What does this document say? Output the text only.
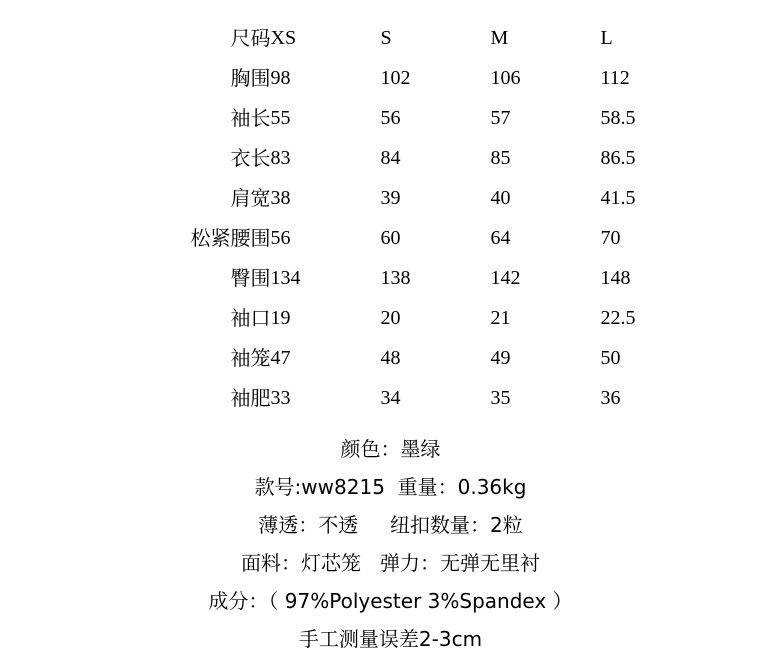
尺码	XS	S	M	L
胸围	98	102	106	112
袖长	55	56	57	58.5
衣长	83	84	85	86.5
肩宽	38	39	40	41.5
松紧腰围	56	60	64	70
臀围	134	138	142	148
袖口	19	20	21	22.5
袖笼	47	48	49	50
袖肥	33	34	35	36
颜色：墨绿
款号:ww8215  重量：0.36kg
薄透：不透     纽扣数量：2粒
面料：灯芯笼   弹力：无弹无里衬
成分：（ 97%Polyester 3%Spandex ）
手工测量误差2-3cm
